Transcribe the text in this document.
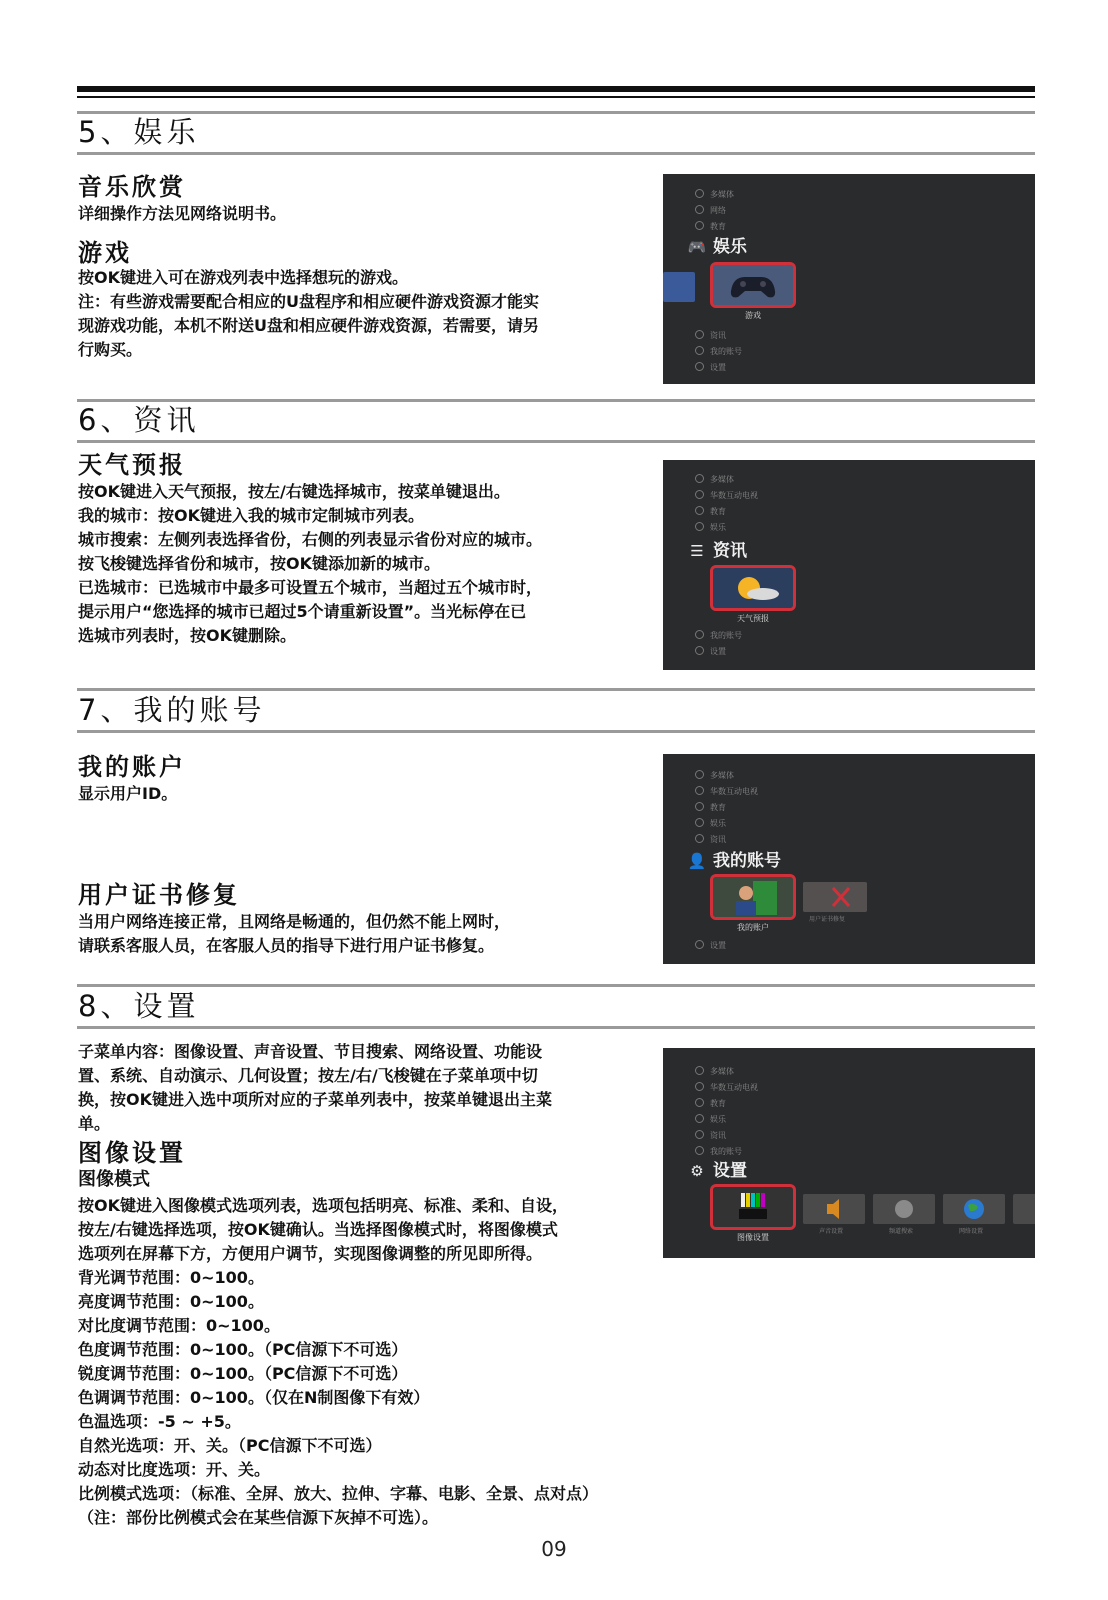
5、娱乐
音乐欣赏
详细操作方法见网络说明书。
游戏
按OK键进入可在游戏列表中选择想玩的游戏。
注：有些游戏需要配合相应的U盘程序和相应硬件游戏资源才能实
现游戏功能，本机不附送U盘和相应硬件游戏资源，若需要，请另
行购买。
多媒体
网络
教育
🎮 娱乐
游戏
资讯
我的账号
设置
6、资讯
天气预报
按OK键进入天气预报，按左/右键选择城市，按菜单键退出。
我的城市：按OK键进入我的城市定制城市列表。
城市搜索：左侧列表选择省份，右侧的列表显示省份对应的城市。
按飞梭键选择省份和城市，按OK键添加新的城市。
已选城市：已选城市中最多可设置五个城市，当超过五个城市时，
提示用户“您选择的城市已超过5个请重新设置”。当光标停在已
选城市列表时，按OK键删除。
多媒体
华数互动电视
教育
娱乐
☰ 资讯
天气预报
我的账号
设置
7、我的账号
我的账户
显示用户ID。
用户证书修复
当用户网络连接正常，且网络是畅通的，但仍然不能上网时，
请联系客服人员，在客服人员的指导下进行用户证书修复。
多媒体
华数互动电视
教育
娱乐
资讯
👤 我的账号
我的账户
用户证书修复
设置
8、设置
子菜单内容：图像设置、声音设置、节目搜索、网络设置、功能设
置、系统、自动演示、几何设置；按左/右/飞梭键在子菜单项中切
换，按OK键进入选中项所对应的子菜单列表中，按菜单键退出主菜
单。
图像设置
图像模式
按OK键进入图像模式选项列表，选项包括明亮、标准、柔和、自设，
按左/右键选择选项，按OK键确认。当选择图像模式时，将图像模式
选项列在屏幕下方，方便用户调节，实现图像调整的所见即所得。
背光调节范围：0~100。
亮度调节范围：0~100。
对比度调节范围：0~100。
色度调节范围：0~100。（PC信源下不可选）
锐度调节范围：0~100。（PC信源下不可选）
色调调节范围：0~100。（仅在N制图像下有效）
色温选项：-5 ~ +5。
自然光选项：开、关。（PC信源下不可选）
动态对比度选项：开、关。
比例模式选项：（标准、全屏、放大、拉伸、字幕、电影、全景、点对点）
（注：部份比例模式会在某些信源下灰掉不可选）。
多媒体
华数互动电视
教育
娱乐
资讯
我的账号
⚙ 设置
图像设置
声音设置	频道搜索	网络设置
09
